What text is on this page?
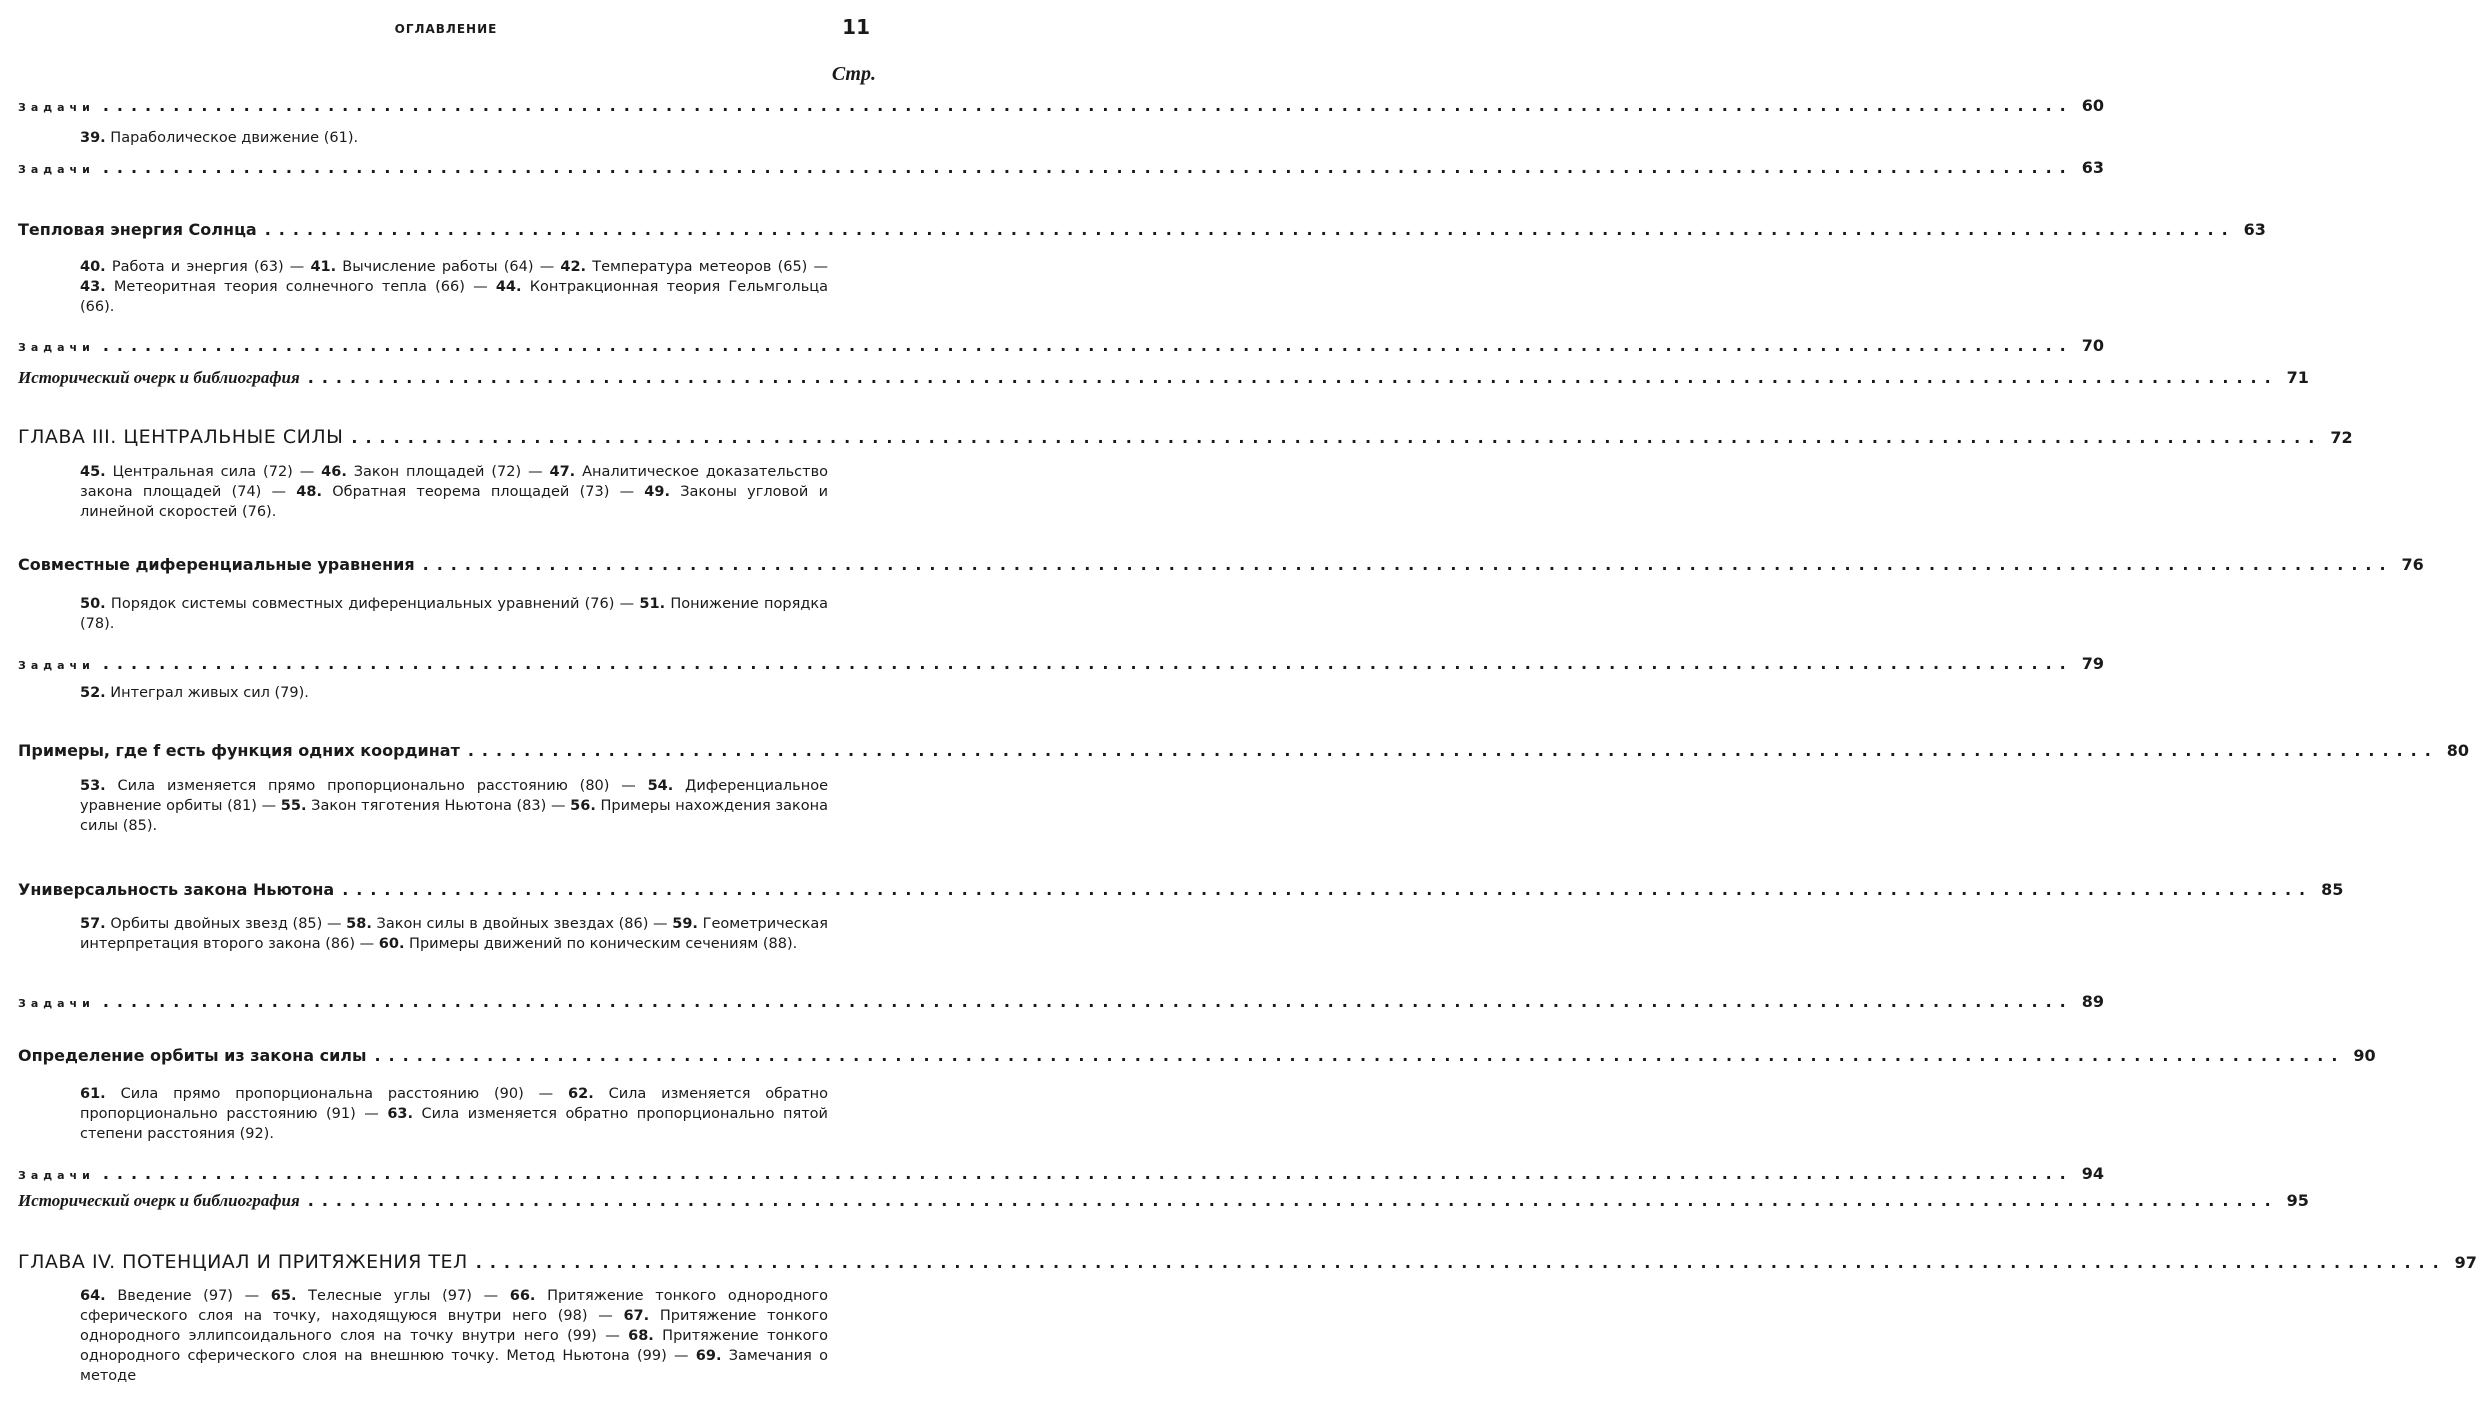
ОГЛАВЛЕНИЕ	11
Стр.
Задачи ............................................................................................................................................ 60
39. Параболическое движение (61).
Задачи ............................................................................................................................................ 63
Тепловая энергия Солнца ............................................................................................................................................ 63
40. Работа и энергия (63) — 41. Вычисление работы (64) — 42. Температура метеоров (65) — 43. Метеоритная теория солнечного тепла (66) — 44. Контракционная теория Гельмгольца (66).
Задачи ............................................................................................................................................ 70
Исторический очерк и библиография ............................................................................................................................................ 71
ГЛАВА III. ЦЕНТРАЛЬНЫЕ СИЛЫ ............................................................................................................................................ 72
45. Центральная сила (72) — 46. Закон площадей (72) — 47. Аналитическое доказательство закона площадей (74) — 48. Обратная теорема площадей (73) — 49. Законы угловой и линейной скоростей (76).
Совместные диференциальные уравнения ............................................................................................................................................ 76
50. Порядок системы совместных диференциальных уравнений (76) — 51. Понижение порядка (78).
Задачи ............................................................................................................................................ 79
52. Интеграл живых сил (79).
Примеры, где f есть функция одних координат ............................................................................................................................................ 80
53. Сила изменяется прямо пропорционально расстоянию (80) — 54. Диференциальное уравнение орбиты (81) — 55. Закон тяготения Ньютона (83) — 56. Примеры нахождения закона силы (85).
Универсальность закона Ньютона ............................................................................................................................................ 85
57. Орбиты двойных звезд (85) — 58. Закон силы в двойных звездах (86) — 59. Геометрическая интерпретация второго закона (86) — 60. Примеры движений по коническим сечениям (88).
Задачи ............................................................................................................................................ 89
Определение орбиты из закона силы ............................................................................................................................................ 90
61. Сила прямо пропорциональна расстоянию (90) — 62. Сила изменяется обратно пропорционально расстоянию (91) — 63. Сила изменяется обратно пропорционально пятой степени расстояния (92).
Задачи ............................................................................................................................................ 94
Исторический очерк и библиография ............................................................................................................................................ 95
ГЛАВА IV. ПОТЕНЦИАЛ И ПРИТЯЖЕНИЯ ТЕЛ ............................................................................................................................................ 97
64. Введение (97) — 65. Телесные углы (97) — 66. Притяжение тонкого однородного сферического слоя на точку, находящуюся внутри него (98) — 67. Притяжение тонкого однородного эллипсоидального слоя на точку внутри него (99) — 68. Притяжение тонкого однородного сферического слоя на внешнюю точку. Метод Ньютона (99) — 69. Замечания о методе
